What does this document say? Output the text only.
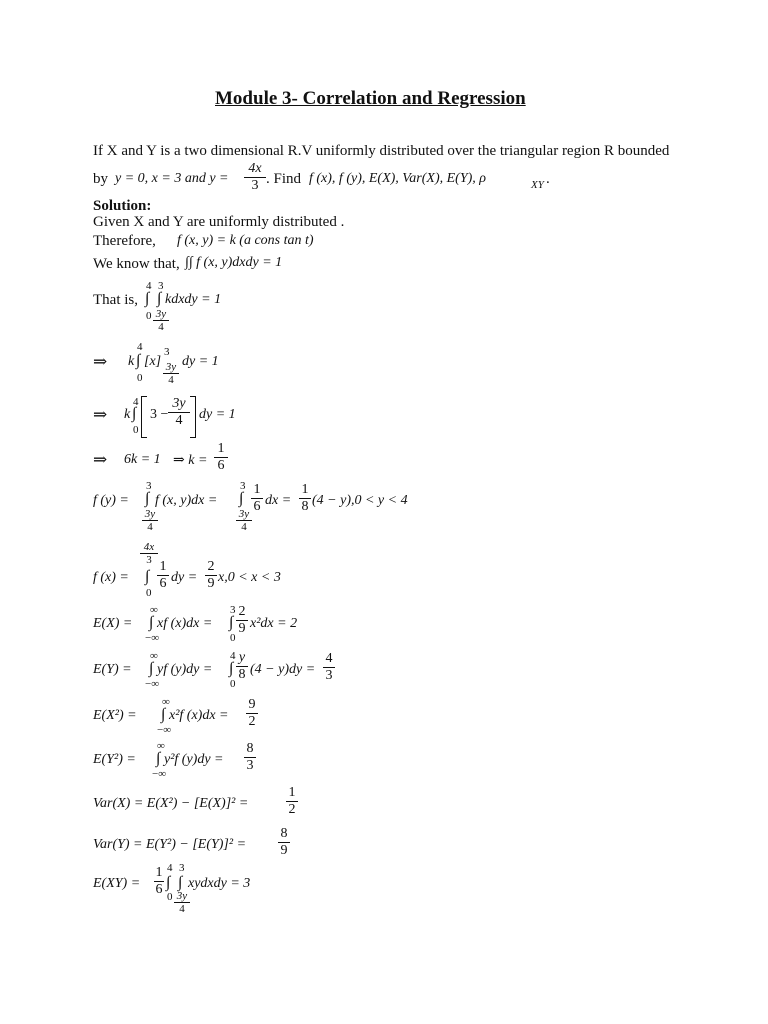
Module 3- Correlation and Regression
If X and Y is a two dimensional R.V uniformly distributed over the triangular region R bounded
by y = 0, x = 3 and $y = \frac{4x}{3}$ . Find f (x), f (y), E(X), Var(X), E(Y), ρ	XY .
Solution:
Given X and Y are uniformly distributed .
Therefore, f (x, y) = k (a cons tan t)
We know that, ∫∫ f (x, y)dxdy = 1
That is,
4 3
∫ ∫ kdxdy = 1
$0 \frac{3y}{4}$
⇒
4
k ∫ [x]
3
$\frac{3y}{4}$ dy = 1
0
⇒
4
k ∫
0
$3 - \frac{3y}{4}$ dy = 1
⇒ 6k = 1 ⇒ $k = \frac{1}{6}$
f (y) =
3
∫
$\frac{3y}{4}$
f (x, y)dx =
3
∫
$\frac{3y}{4}$
$\frac{1}{6}$ dx = $\frac{1}{8} (4 - y),0 < y < 4$
$\frac{4x}{3}$
f (x) = ∫
0
$\frac{1}{6}$ dy = $\frac{2}{9} x,0 < x < 3$
E(X) =
∞
∫
−∞
xf (x)dx =
3
∫
0
$\frac{2}{9} x^2dx = 2$
E(Y) =
∞
∫
−∞
yf (y)dy =
4
∫
0
$\frac{y}{8} (4 - y)dy = \frac{4}{3}$
E(X²) =
∞
∫
−∞
x²f $(x)dx = \frac{9}{2}$
E(Y²) =
∞
∫
−∞
y²f $(y)dy = \frac{8}{3}$
Var(X) = E(X²) − [E(X)]² =	$\frac{1}{2}$
$Var(Y) = E(Y^2) - [E(Y)]^2 = \frac{8}{9}$
$E(XY) = \frac{1}{6} 4$ 3
∫ ∫
$0 \frac{3y}{4}$
xydxdy = 3
